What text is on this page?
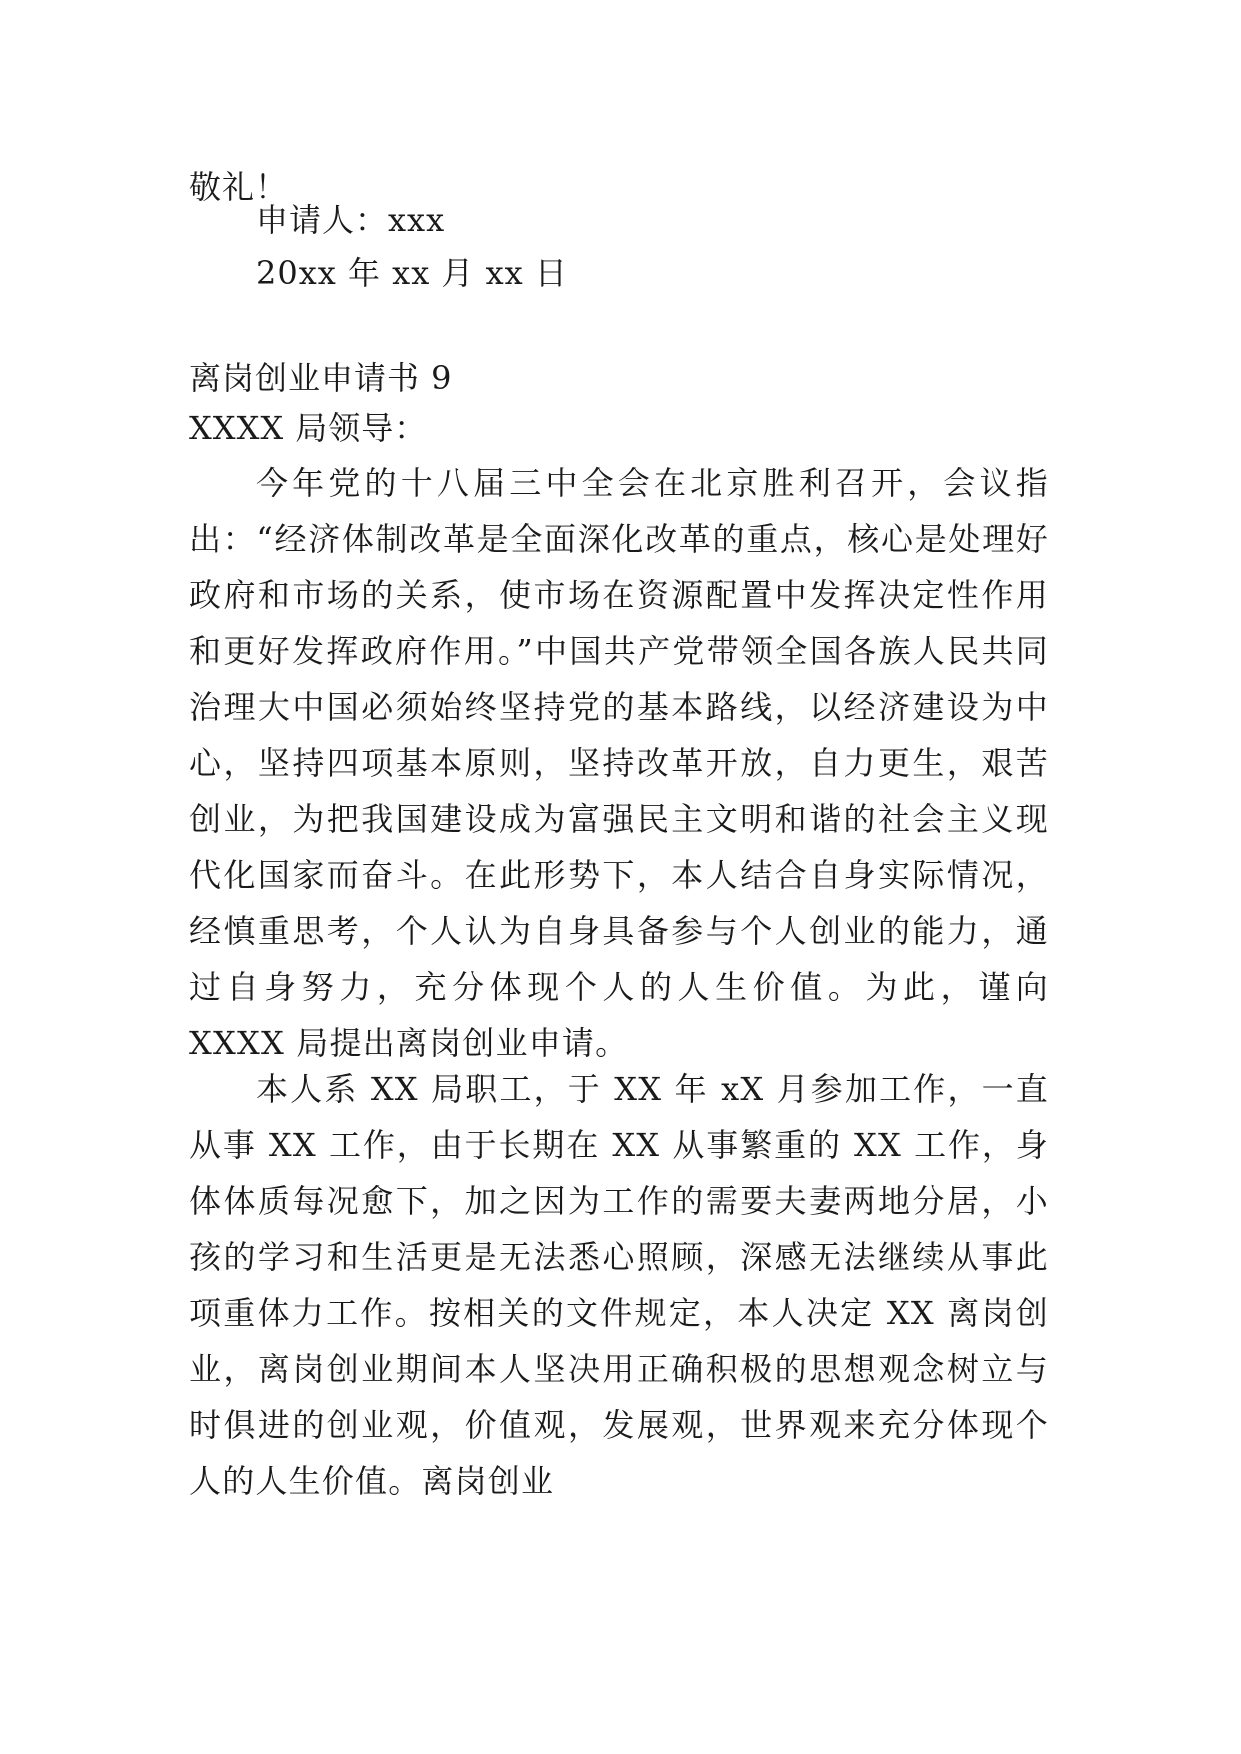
敬礼！

申请人：xxx

20xx 年 xx 月 xx 日

离岗创业申请书 9

XXXX 局领导：

今年党的十八届三中全会在北京胜利召开，会议指出：“经济体制改革是全面深化改革的重点，核心是处理好政府和市场的关系，使市场在资源配置中发挥决定性作用和更好发挥政府作用。”中国共产党带领全国各族人民共同治理大中国必须始终坚持党的基本路线，以经济建设为中心，坚持四项基本原则，坚持改革开放，自力更生，艰苦创业，为把我国建设成为富强民主文明和谐的社会主义现代化国家而奋斗。在此形势下，本人结合自身实际情况，经慎重思考，个人认为自身具备参与个人创业的能力，通过自身努力，充分体现个人的人生价值。为此，谨向 XXXX 局提出离岗创业申请。

本人系 XX 局职工，于 XX 年 xX 月参加工作，一直从事 XX 工作，由于长期在 XX 从事繁重的 XX 工作，身体体质每况愈下，加之因为工作的需要夫妻两地分居，小孩的学习和生活更是无法悉心照顾，深感无法继续从事此项重体力工作。按相关的文件规定，本人决定 XX 离岗创业，离岗创业期间本人坚决用正确积极的思想观念树立与时俱进的创业观，价值观，发展观，世界观来充分体现个人的人生价值。离岗创业
